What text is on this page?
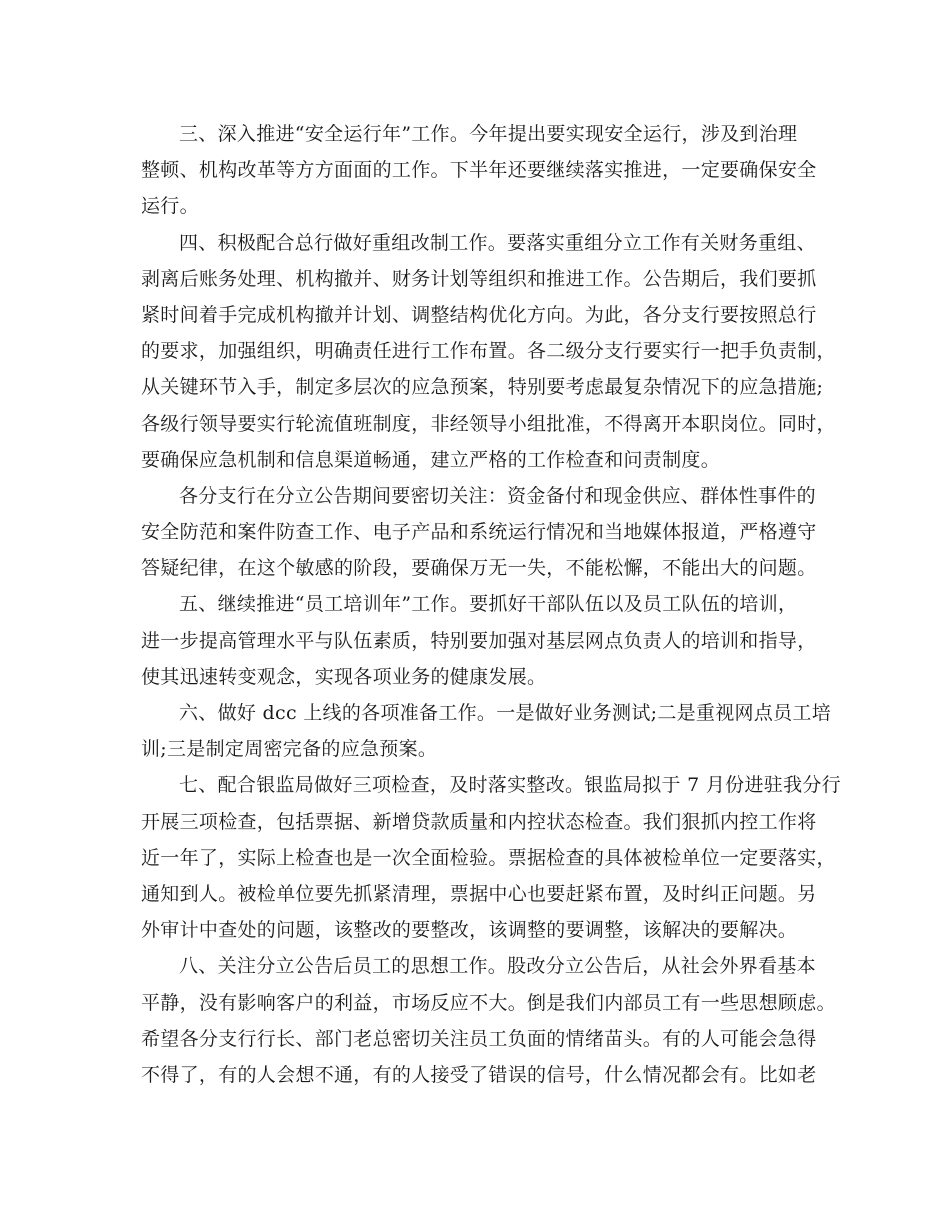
三、深入推进“安全运行年”工作。今年提出要实现安全运行，涉及到治理
整顿、机构改革等方方面面的工作。下半年还要继续落实推进，一定要确保安全
运行。
四、积极配合总行做好重组改制工作。要落实重组分立工作有关财务重组、
剥离后账务处理、机构撤并、财务计划等组织和推进工作。公告期后，我们要抓
紧时间着手完成机构撤并计划、调整结构优化方向。为此，各分支行要按照总行
的要求，加强组织，明确责任进行工作布置。各二级分支行要实行一把手负责制，
从关键环节入手，制定多层次的应急预案，特别要考虑最复杂情况下的应急措施;
各级行领导要实行轮流值班制度，非经领导小组批准，不得离开本职岗位。同时，
要确保应急机制和信息渠道畅通，建立严格的工作检查和问责制度。
各分支行在分立公告期间要密切关注：资金备付和现金供应、群体性事件的
安全防范和案件防查工作、电子产品和系统运行情况和当地媒体报道，严格遵守
答疑纪律，在这个敏感的阶段，要确保万无一失，不能松懈，不能出大的问题。
五、继续推进“员工培训年”工作。要抓好干部队伍以及员工队伍的培训，
进一步提高管理水平与队伍素质，特别要加强对基层网点负责人的培训和指导，
使其迅速转变观念，实现各项业务的健康发展。
六、做好 dcc 上线的各项准备工作。一是做好业务测试;二是重视网点员工培
训;三是制定周密完备的应急预案。
七、配合银监局做好三项检查，及时落实整改。银监局拟于 7 月份进驻我分行
开展三项检查，包括票据、新增贷款质量和内控状态检查。我们狠抓内控工作将
近一年了，实际上检查也是一次全面检验。票据检查的具体被检单位一定要落实，
通知到人。被检单位要先抓紧清理，票据中心也要赶紧布置，及时纠正问题。另
外审计中查处的问题，该整改的要整改，该调整的要调整，该解决的要解决。
八、关注分立公告后员工的思想工作。股改分立公告后，从社会外界看基本
平静，没有影响客户的利益，市场反应不大。倒是我们内部员工有一些思想顾虑。
希望各分支行行长、部门老总密切关注员工负面的情绪苗头。有的人可能会急得
不得了，有的人会想不通，有的人接受了错误的信号，什么情况都会有。比如老
